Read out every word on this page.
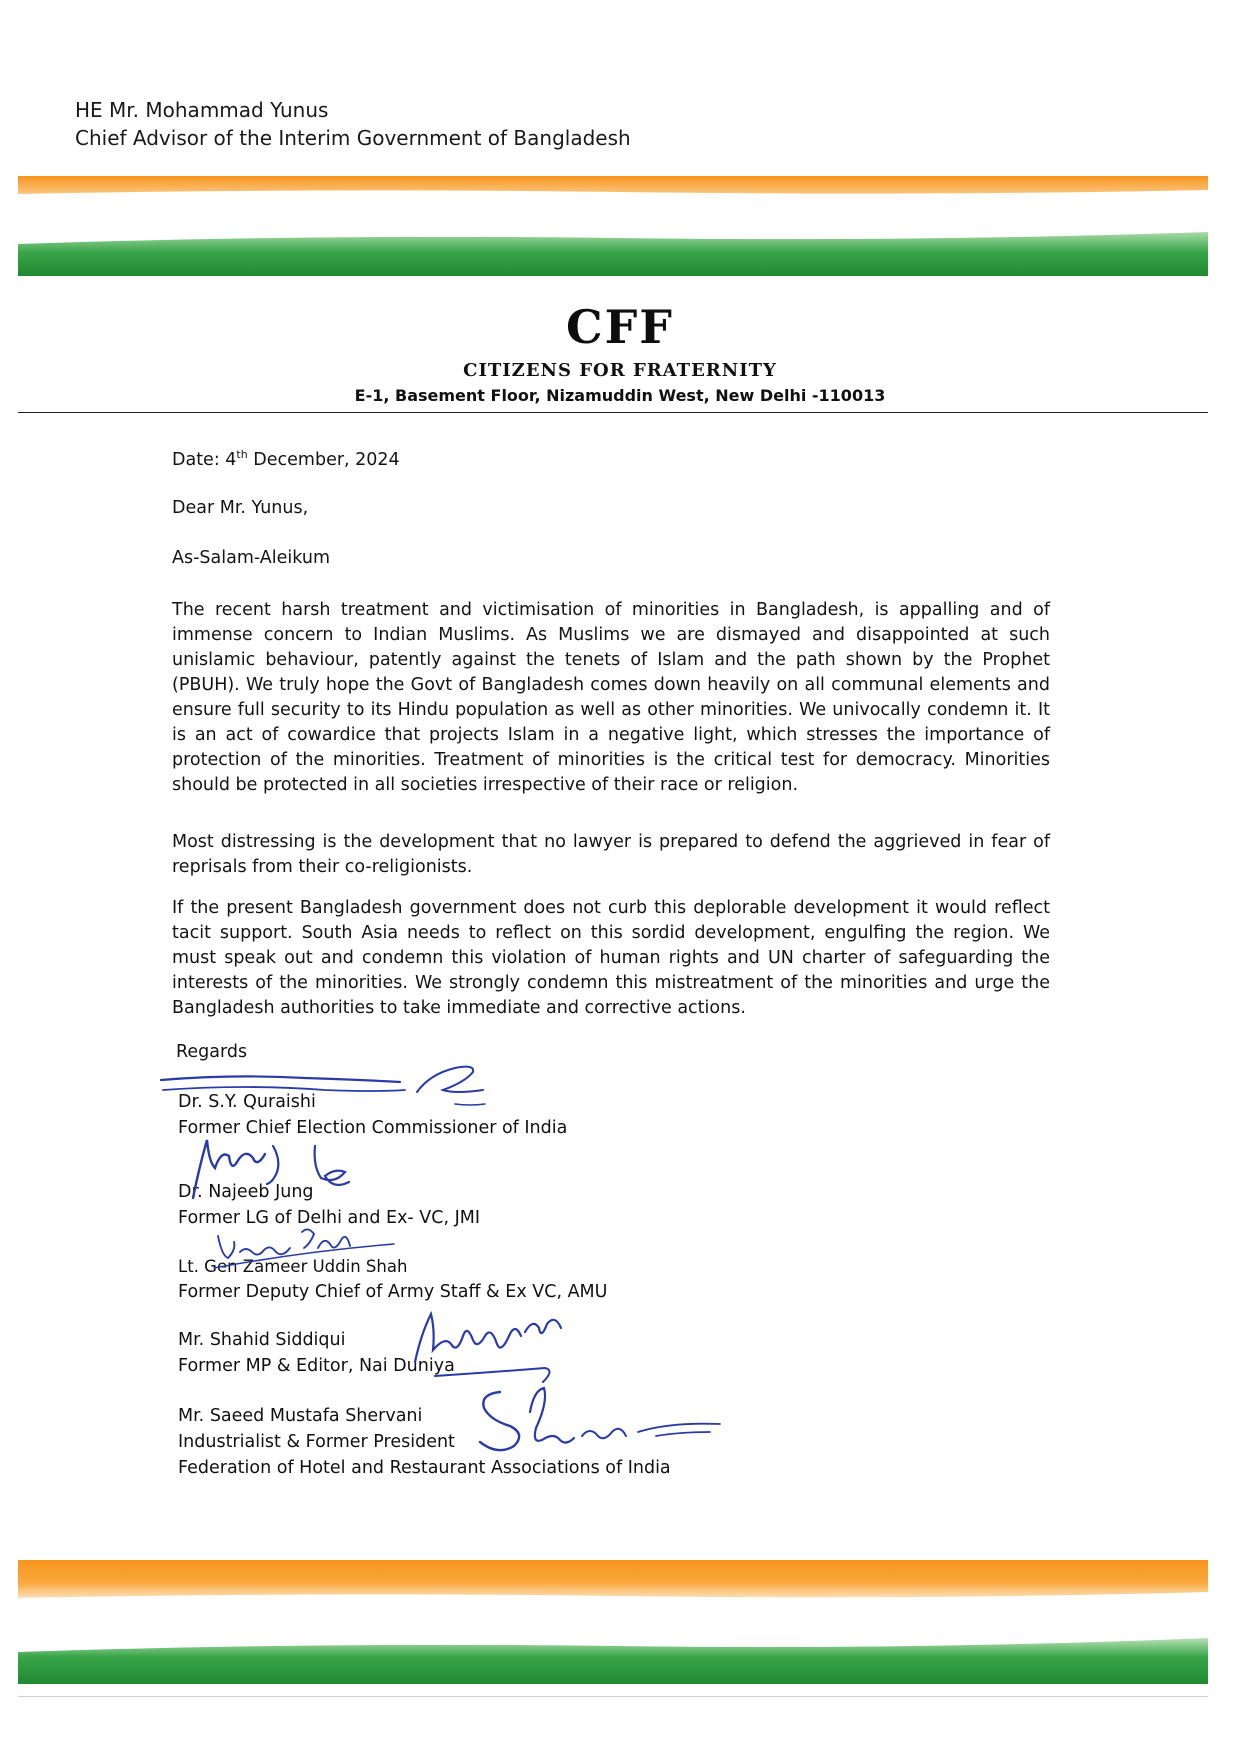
HE Mr. Mohammad Yunus
Chief Advisor of the Interim Government of Bangladesh
CFF
CITIZENS FOR FRATERNITY
E-1, Basement Floor, Nizamuddin West, New Delhi -110013
Date: 4th December, 2024
Dear Mr. Yunus,
As-Salam-Aleikum
The recent harsh treatment and victimisation of minorities in Bangladesh, is appalling and of immense concern to Indian Muslims. As Muslims we are dismayed and disappointed at such unislamic behaviour, patently against the tenets of Islam and the path shown by the Prophet (PBUH). We truly hope the Govt of Bangladesh comes down heavily on all communal elements and ensure full security to its Hindu population as well as other minorities. We univocally condemn it. It is an act of cowardice that projects Islam in a negative light, which stresses the importance of protection of the minorities. Treatment of minorities is the critical test for democracy. Minorities should be protected in all societies irrespective of their race or religion.
Most distressing is the development that no lawyer is prepared to defend the aggrieved in fear of reprisals from their co-religionists.
If the present Bangladesh government does not curb this deplorable development it would reflect tacit support. South Asia needs to reflect on this sordid development, engulfing the region. We must speak out and condemn this violation of human rights and UN charter of safeguarding the interests of the minorities. We strongly condemn this mistreatment of the minorities and urge the Bangladesh authorities to take immediate and corrective actions.
Regards
Dr. S.Y. Quraishi
Former Chief Election Commissioner of India
Dr. Najeeb Jung
Former LG of Delhi and Ex- VC, JMI
Lt. Gen Zameer Uddin Shah
Former Deputy Chief of Army Staff & Ex VC, AMU
Mr. Shahid Siddiqui
Former MP & Editor, Nai Duniya
Mr. Saeed Mustafa Shervani
Industrialist & Former President
Federation of Hotel and Restaurant Associations of India
